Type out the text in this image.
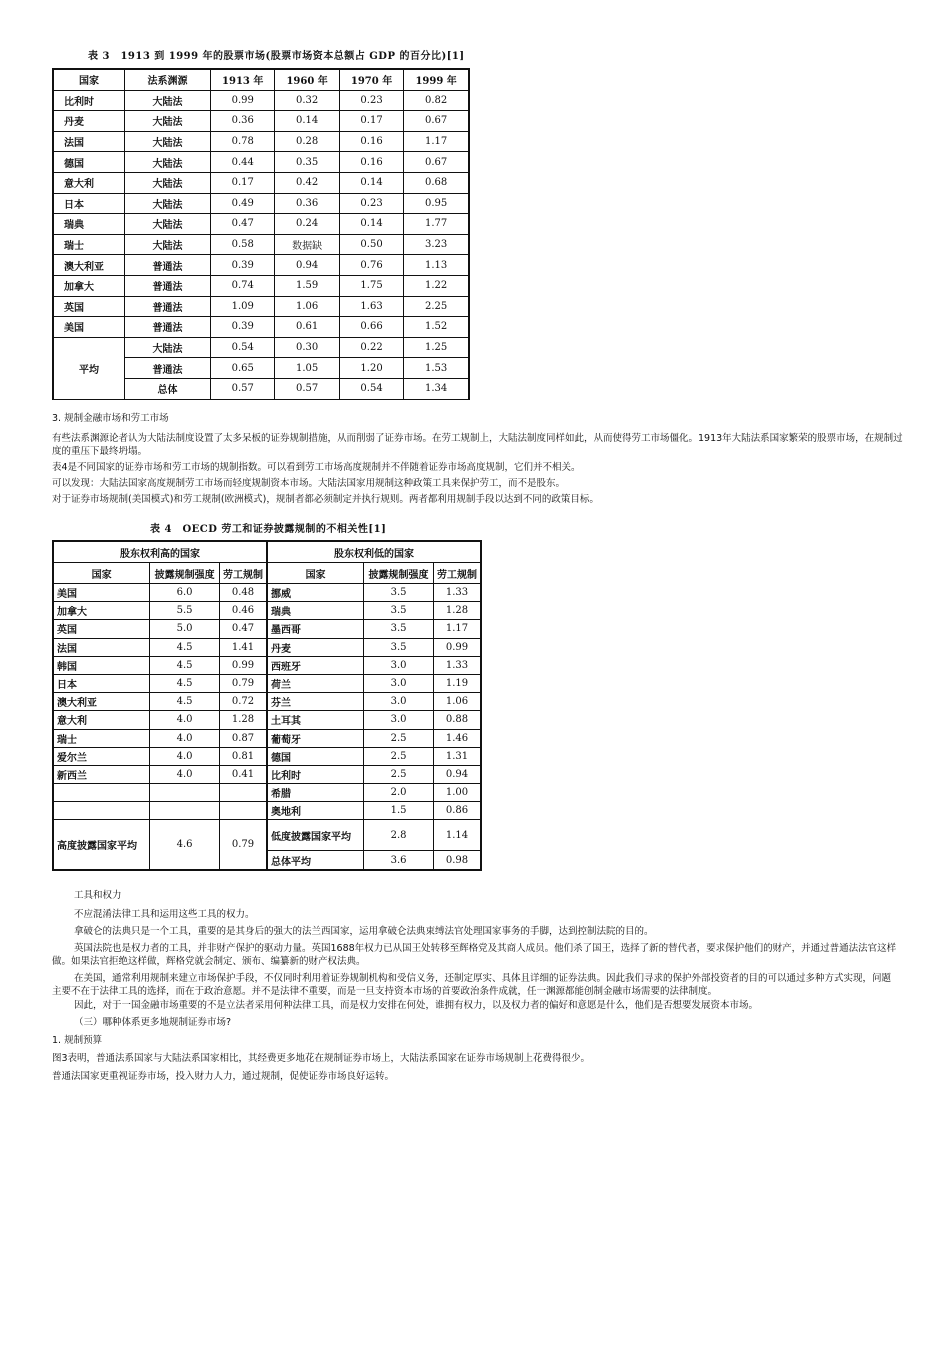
表 3　1913 到 1999 年的股票市场(股票市场资本总额占 GDP 的百分比)[1]
国家	法系渊源	1913 年	1960 年	1970 年	1999 年
比利时	大陆法	0.99	0.32	0.23	0.82
丹麦	大陆法	0.36	0.14	0.17	0.67
法国	大陆法	0.78	0.28	0.16	1.17
德国	大陆法	0.44	0.35	0.16	0.67
意大利	大陆法	0.17	0.42	0.14	0.68
日本	大陆法	0.49	0.36	0.23	0.95
瑞典	大陆法	0.47	0.24	0.14	1.77
瑞士	大陆法	0.58	数据缺	0.50	3.23
澳大利亚	普通法	0.39	0.94	0.76	1.13
加拿大	普通法	0.74	1.59	1.75	1.22
英国	普通法	1.09	1.06	1.63	2.25
美国	普通法	0.39	0.61	0.66	1.52
平均	大陆法	0.54	0.30	0.22	1.25
	普通法	0.65	1.05	1.20	1.53
	总体	0.57	0.57	0.54	1.34

3. 规制金融市场和劳工市场

有些法系渊源论者认为大陆法制度设置了太多呆板的证券规制措施，从而削弱了证券市场。在劳工规制上，大陆法制度同样如此，从而使得劳工市场僵化。1913年大陆法系国家繁荣的股票市场，在规制过度的重压下最终坍塌。

表4是不同国家的证券市场和劳工市场的规制指数。可以看到劳工市场高度规制并不伴随着证券市场高度规制，它们并不相关。

可以发现：大陆法国家高度规制劳工市场而轻度规制资本市场。大陆法国家用规制这种政策工具来保护劳工，而不是股东。

对于证券市场规制(美国模式)和劳工规制(欧洲模式)，规制者都必须制定并执行规则。两者都利用规制手段以达到不同的政策目标。

表 4　OECD 劳工和证券披露规制的不相关性[1]
股东权利高的国家			股东权利低的国家		
国家	披露规制强度	劳工规制	国家	披露规制强度	劳工规制
美国	6.0	0.48	挪威	3.5	1.33
加拿大	5.5	0.46	瑞典	3.5	1.28
英国	5.0	0.47	墨西哥	3.5	1.17
法国	4.5	1.41	丹麦	3.5	0.99
韩国	4.5	0.99	西班牙	3.0	1.33
日本	4.5	0.79	荷兰	3.0	1.19
澳大利亚	4.5	0.72	芬兰	3.0	1.06
意大利	4.0	1.28	土耳其	3.0	0.88
瑞士	4.0	0.87	葡萄牙	2.5	1.46
爱尔兰	4.0	0.81	德国	2.5	1.31
新西兰	4.0	0.41	比利时	2.5	0.94
			希腊	2.0	1.00
			奥地利	1.5	0.86
高度披露国家平均	4.6	0.79	低度披露国家平均	2.8	1.14
			总体平均	3.6	0.98

工具和权力

不应混淆法律工具和运用这些工具的权力。

拿破仑的法典只是一个工具，重要的是其身后的强大的法兰西国家，运用拿破仑法典束缚法官处理国家事务的手脚，达到控制法院的目的。

英国法院也是权力者的工具，并非财产保护的驱动力量。英国1688年权力已从国王处转移至辉格党及其商人成员。他们杀了国王，选择了新的替代者，要求保护他们的财产，并通过普通法法官这样做。如果法官拒绝这样做，辉格党就会制定、颁布、编纂新的财产权法典。

在美国，通常利用规制来建立市场保护手段，不仅同时利用着证券规制机构和受信义务，还制定厚实、具体且详细的证券法典。因此我们寻求的保护外部投资者的目的可以通过多种方式实现，问题主要不在于法律工具的选择，而在于政治意愿。并不是法律不重要，而是一旦支持资本市场的首要政治条件成就，任一渊源都能创制金融市场需要的法律制度。

因此，对于一国金融市场重要的不是立法者采用何种法律工具，而是权力安排在何处，谁拥有权力，以及权力者的偏好和意愿是什么，他们是否想要发展资本市场。

（三）哪种体系更多地规制证券市场?

1. 规制预算

图3表明，普通法系国家与大陆法系国家相比，其经费更多地花在规制证券市场上，大陆法系国家在证券市场规制上花费得很少。

普通法国家更重视证券市场，投入财力人力，通过规制，促使证券市场良好运转。
